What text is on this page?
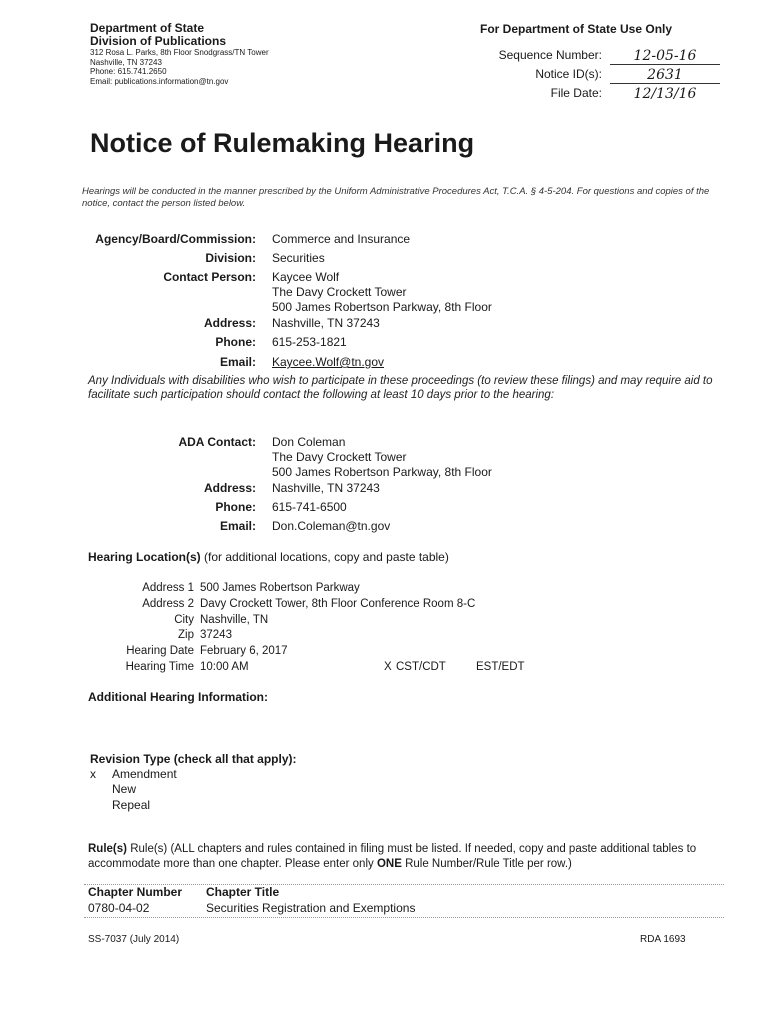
Department of State
Division of Publications
312 Rosa L. Parks, 8th Floor Snodgrass/TN Tower
Nashville, TN 37243
Phone: 615.741.2650
Email: publications.information@tn.gov
For Department of State Use Only
Sequence Number:	12-05-16
Notice ID(s):	2631
File Date:	12/13/16
Notice of Rulemaking Hearing
Hearings will be conducted in the manner prescribed by the Uniform Administrative Procedures Act, T.C.A. § 4-5-204. For questions and copies of the notice, contact the person listed below.
Agency/Board/Commission: Commerce and Insurance
Division: Securities
Contact Person: Kaycee Wolf
The Davy Crockett Tower
500 James Robertson Parkway, 8th Floor
Address: Nashville, TN 37243
Phone: 615-253-1821
Email: Kaycee.Wolf@tn.gov
Any Individuals with disabilities who wish to participate in these proceedings (to review these filings) and may require aid to facilitate such participation should contact the following at least 10 days prior to the hearing:
ADA Contact: Don Coleman
The Davy Crockett Tower
500 James Robertson Parkway, 8th Floor
Address: Nashville, TN 37243
Phone: 615-741-6500
Email: Don.Coleman@tn.gov
Hearing Location(s) (for additional locations, copy and paste table)
Address 1 500 James Robertson Parkway
Address 2 Davy Crockett Tower, 8th Floor Conference Room 8-C
City Nashville, TN
Zip 37243
Hearing Date February 6, 2017
Hearing Time 10:00 AM	X CST/CDT	EST/EDT
Additional Hearing Information:
Revision Type (check all that apply):
x Amendment
New
Repeal
Rule(s) Rule(s) (ALL chapters and rules contained in filing must be listed. If needed, copy and paste additional tables to accommodate more than one chapter. Please enter only ONE Rule Number/Rule Title per row.)
Chapter Number Chapter Title
0780-04-02	Securities Registration and Exemptions
SS-7037 (July 2014)	RDA 1693
